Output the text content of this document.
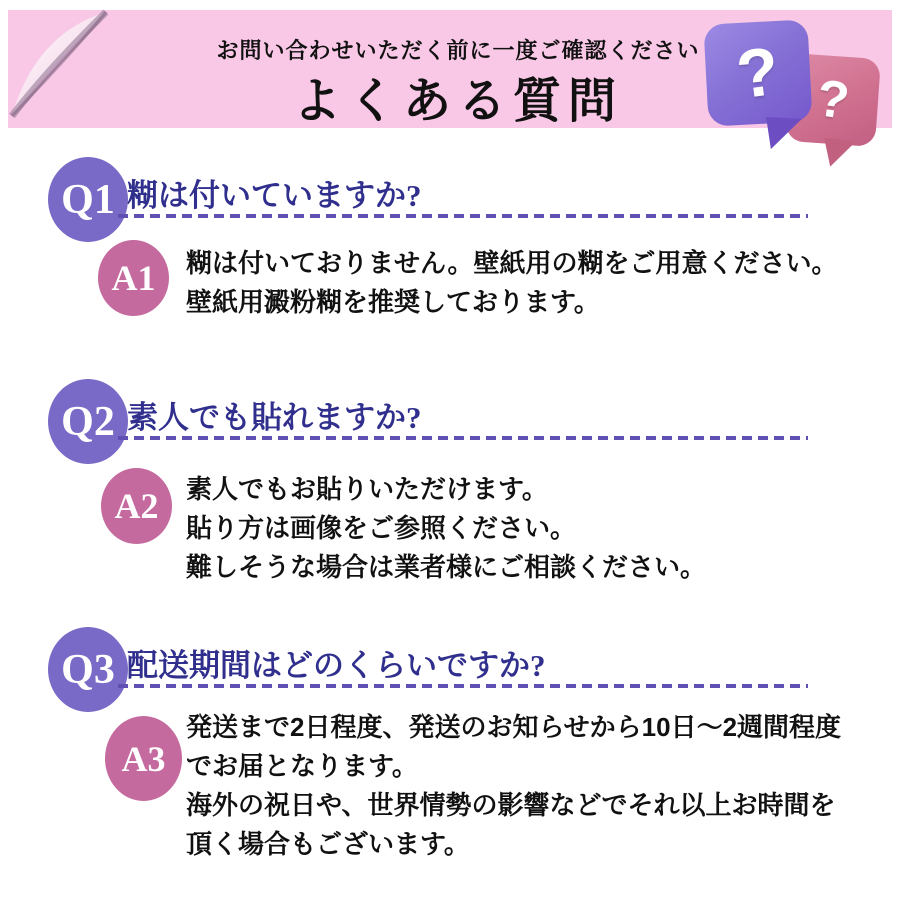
お問い合わせいただく前に一度ご確認ください
よくある質問	? ?
Q1 糊は付いていますか?
A1 糊は付いておりません。壁紙用の糊をご用意ください。
壁紙用澱粉糊を推奨しております。
Q2 素人でも貼れますか?
A2 素人でもお貼りいただけます。
貼り方は画像をご参照ください。
難しそうな場合は業者様にご相談ください。
Q3 配送期間はどのくらいですか?
A3
発送まで2日程度、発送のお知らせから10日〜2週間程度
でお届となります。
海外の祝日や、世界情勢の影響などでそれ以上お時間を
頂く場合もございます。
